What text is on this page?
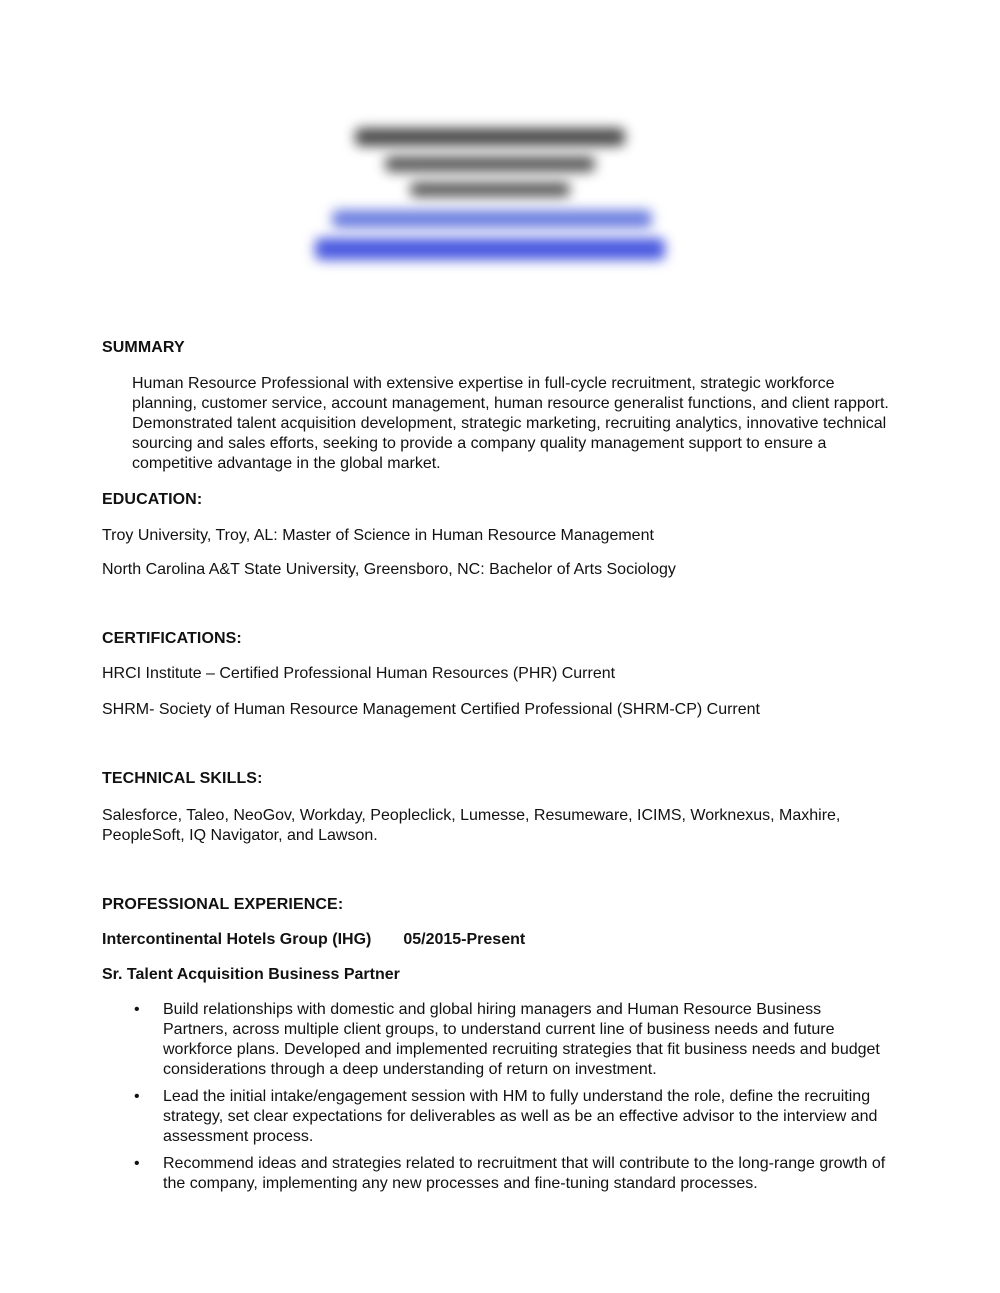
SUMMARY

Human Resource Professional with extensive expertise in full-cycle recruitment, strategic workforce planning, customer service, account management, human resource generalist functions, and client rapport. Demonstrated talent acquisition development, strategic marketing, recruiting analytics, innovative technical sourcing and sales efforts, seeking to provide a company quality management support to ensure a competitive advantage in the global market.

EDUCATION:

Troy University, Troy, AL: Master of Science in Human Resource Management

North Carolina A&T State University, Greensboro, NC: Bachelor of Arts Sociology

CERTIFICATIONS:

HRCI Institute – Certified Professional Human Resources (PHR) Current

SHRM- Society of Human Resource Management Certified Professional (SHRM-CP) Current

TECHNICAL SKILLS:

Salesforce, Taleo, NeoGov, Workday, Peopleclick, Lumesse, Resumeware, ICIMS, Worknexus, Maxhire, PeopleSoft, IQ Navigator, and Lawson.

PROFESSIONAL EXPERIENCE:

Intercontinental Hotels Group (IHG) 05/2015-Present

Sr. Talent Acquisition Business Partner

• Build relationships with domestic and global hiring managers and Human Resource Business Partners, across multiple client groups, to understand current line of business needs and future workforce plans. Developed and implemented recruiting strategies that fit business needs and budget considerations through a deep understanding of return on investment.
• Lead the initial intake/engagement session with HM to fully understand the role, define the recruiting strategy, set clear expectations for deliverables as well as be an effective advisor to the interview and assessment process.
• Recommend ideas and strategies related to recruitment that will contribute to the long-range growth of the company, implementing any new processes and fine-tuning standard processes.
